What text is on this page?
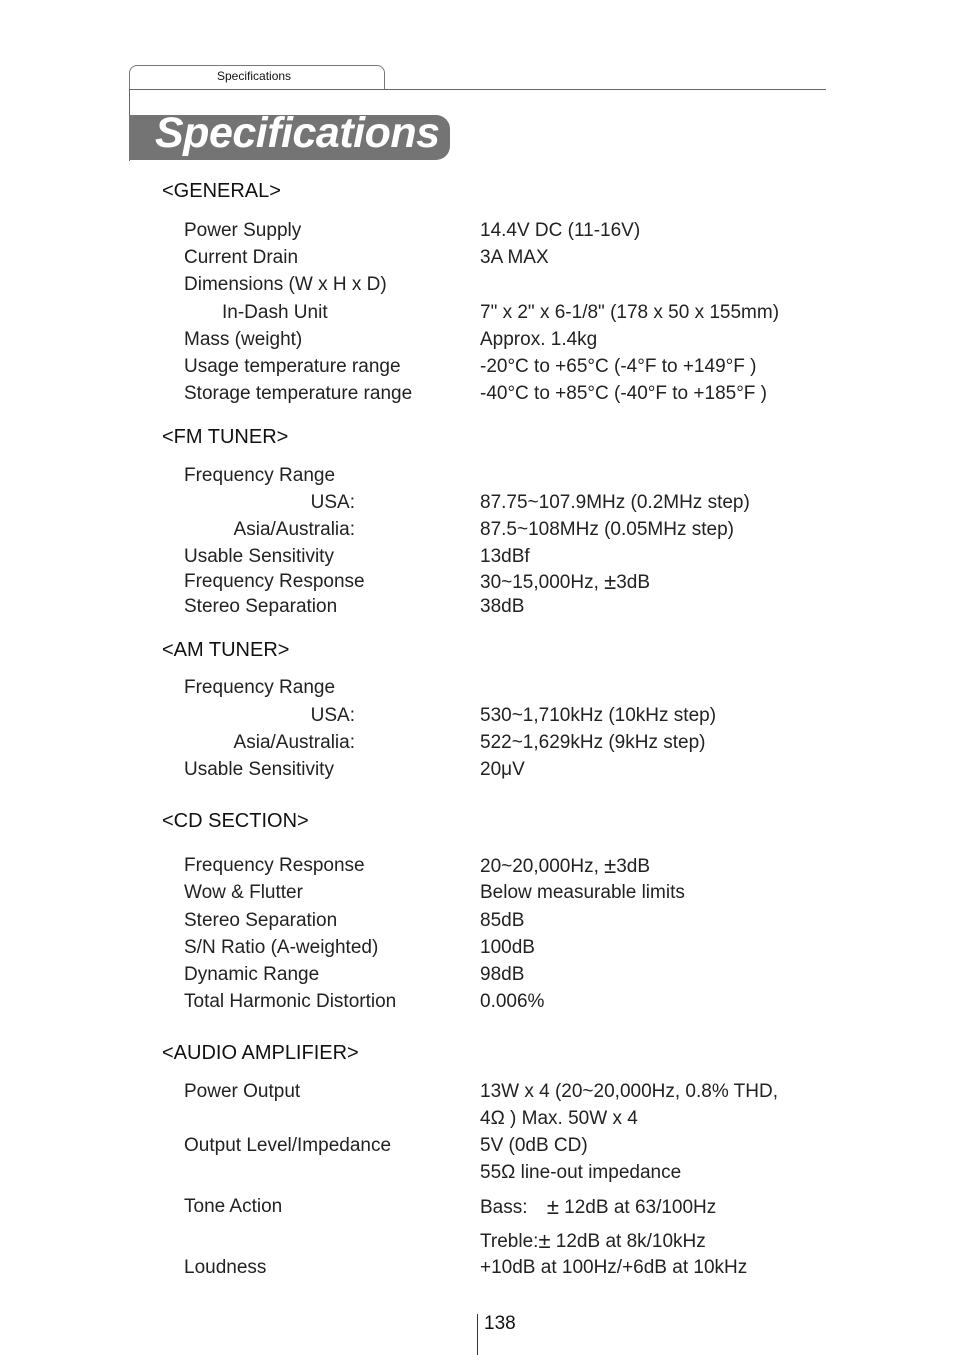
Specifications
Specifications
<GENERAL>
Power Supply	14.4V DC (11-16V)
Current Drain	3A MAX
Dimensions (W x H x D)
In-Dash Unit	7" x 2" x 6-1/8" (178 x 50 x 155mm)
Mass (weight)	Approx. 1.4kg
Usage temperature range	-20°C to +65°C (-4°F to +149°F )
Storage temperature range	-40°C to +85°C (-40°F to +185°F )
<FM TUNER>
Frequency Range
USA:	87.75~107.9MHz (0.2MHz step)
Asia/Australia:	87.5~108MHz (0.05MHz step)
Usable Sensitivity	13dBf
Frequency Response	30~15,000Hz, ±3dB
Stereo Separation	38dB
<AM TUNER>
Frequency Range
USA:	530~1,710kHz (10kHz step)
Asia/Australia:	522~1,629kHz (9kHz step)
Usable Sensitivity	20μV
<CD SECTION>
Frequency Response	20~20,000Hz, ±3dB
Wow & Flutter	Below measurable limits
Stereo Separation	85dB
S/N Ratio (A-weighted)	100dB
Dynamic Range	98dB
Total Harmonic Distortion	0.006%
<AUDIO AMPLIFIER>
Power Output	13W x 4 (20~20,000Hz, 0.8% THD,
4Ω ) Max. 50W x 4
Output Level/Impedance	5V (0dB CD)
55Ω line-out impedance
Tone Action	Bass: ± 12dB at 63/100Hz
Treble:± 12dB at 8k/10kHz
Loudness	+10dB at 100Hz/+6dB at 10kHz
138
